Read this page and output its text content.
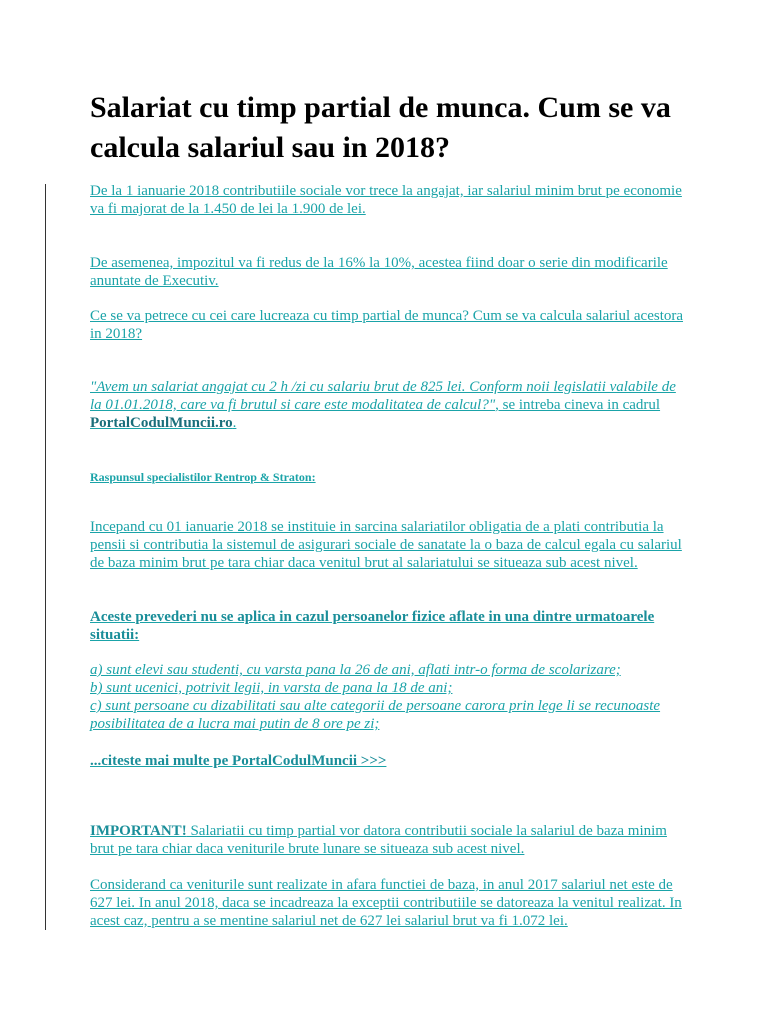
Salariat cu timp partial de munca. Cum se va calcula salariul sau in 2018?

De la 1 ianuarie 2018 contributiile sociale vor trece la angajat, iar salariul minim brut pe economie va fi majorat de la 1.450 de lei la 1.900 de lei.

De asemenea, impozitul va fi redus de la 16% la 10%, acestea fiind doar o serie din modificarile anuntate de Executiv.

Ce se va petrece cu cei care lucreaza cu timp partial de munca? Cum se va calcula salariul acestora in 2018?

"Avem un salariat angajat cu 2 h /zi cu salariu brut de 825 lei. Conform noii legislatii valabile de la 01.01.2018, care va fi brutul si care este modalitatea de calcul?", se intreba cineva in cadrul PortalCodulMuncii.ro.

Raspunsul specialistilor Rentrop & Straton:

Incepand cu 01 ianuarie 2018 se instituie in sarcina salariatilor obligatia de a plati contributia la pensii si contributia la sistemul de asigurari sociale de sanatate la o baza de calcul egala cu salariul de baza minim brut pe tara chiar daca venitul brut al salariatului se situeaza sub acest nivel.

Aceste prevederi nu se aplica in cazul persoanelor fizice aflate in una dintre urmatoarele situatii:

a) sunt elevi sau studenti, cu varsta pana la 26 de ani, aflati intr-o forma de scolarizare;
b) sunt ucenici, potrivit legii, in varsta de pana la 18 de ani;
c) sunt persoane cu dizabilitati sau alte categorii de persoane carora prin lege li se recunoaste posibilitatea de a lucra mai putin de 8 ore pe zi;

...citeste mai multe pe PortalCodulMuncii >>>

IMPORTANT! Salariatii cu timp partial vor datora contributii sociale la salariul de baza minim brut pe tara chiar daca veniturile brute lunare se situeaza sub acest nivel.

Considerand ca veniturile sunt realizate in afara functiei de baza, in anul 2017 salariul net este de 627 lei. In anul 2018, daca se incadreaza la exceptii contributiile se datoreaza la venitul realizat. In acest caz, pentru a se mentine salariul net de 627 lei salariul brut va fi 1.072 lei.
